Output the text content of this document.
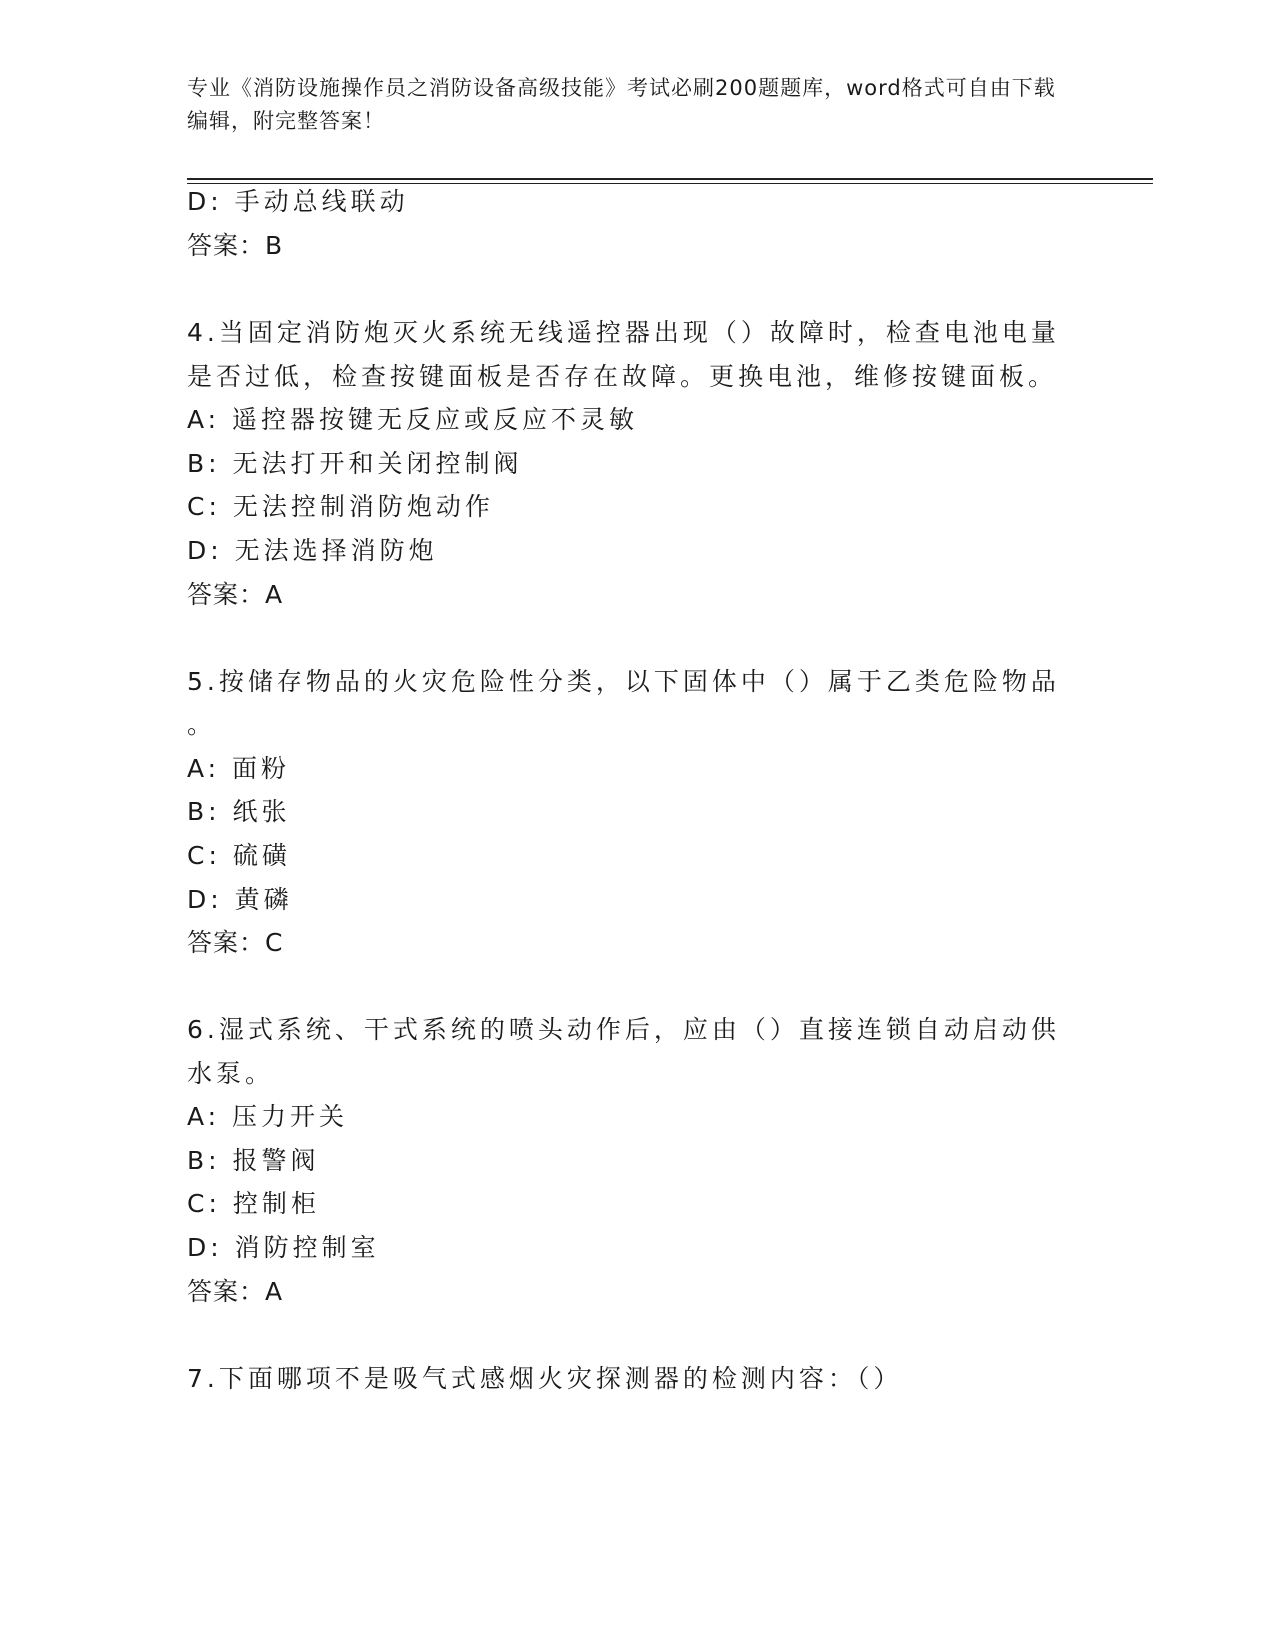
专业《消防设施操作员之消防设备高级技能》考试必刷200题题库，word格式可自由下载编辑，附完整答案！
D: 手动总线联动
答案：B
4.当固定消防炮灭火系统无线遥控器出现（）故障时，检查电池电量
是否过低，检查按键面板是否存在故障。更换电池，维修按键面板。
A: 遥控器按键无反应或反应不灵敏
B: 无法打开和关闭控制阀
C: 无法控制消防炮动作
D: 无法选择消防炮
答案：A
5.按储存物品的火灾危险性分类，以下固体中（）属于乙类危险物品
。
A: 面粉
B: 纸张
C: 硫磺
D: 黄磷
答案：C
6.湿式系统、干式系统的喷头动作后，应由（）直接连锁自动启动供
水泵。
A: 压力开关
B: 报警阀
C: 控制柜
D: 消防控制室
答案：A
7.下面哪项不是吸气式感烟火灾探测器的检测内容：（）
